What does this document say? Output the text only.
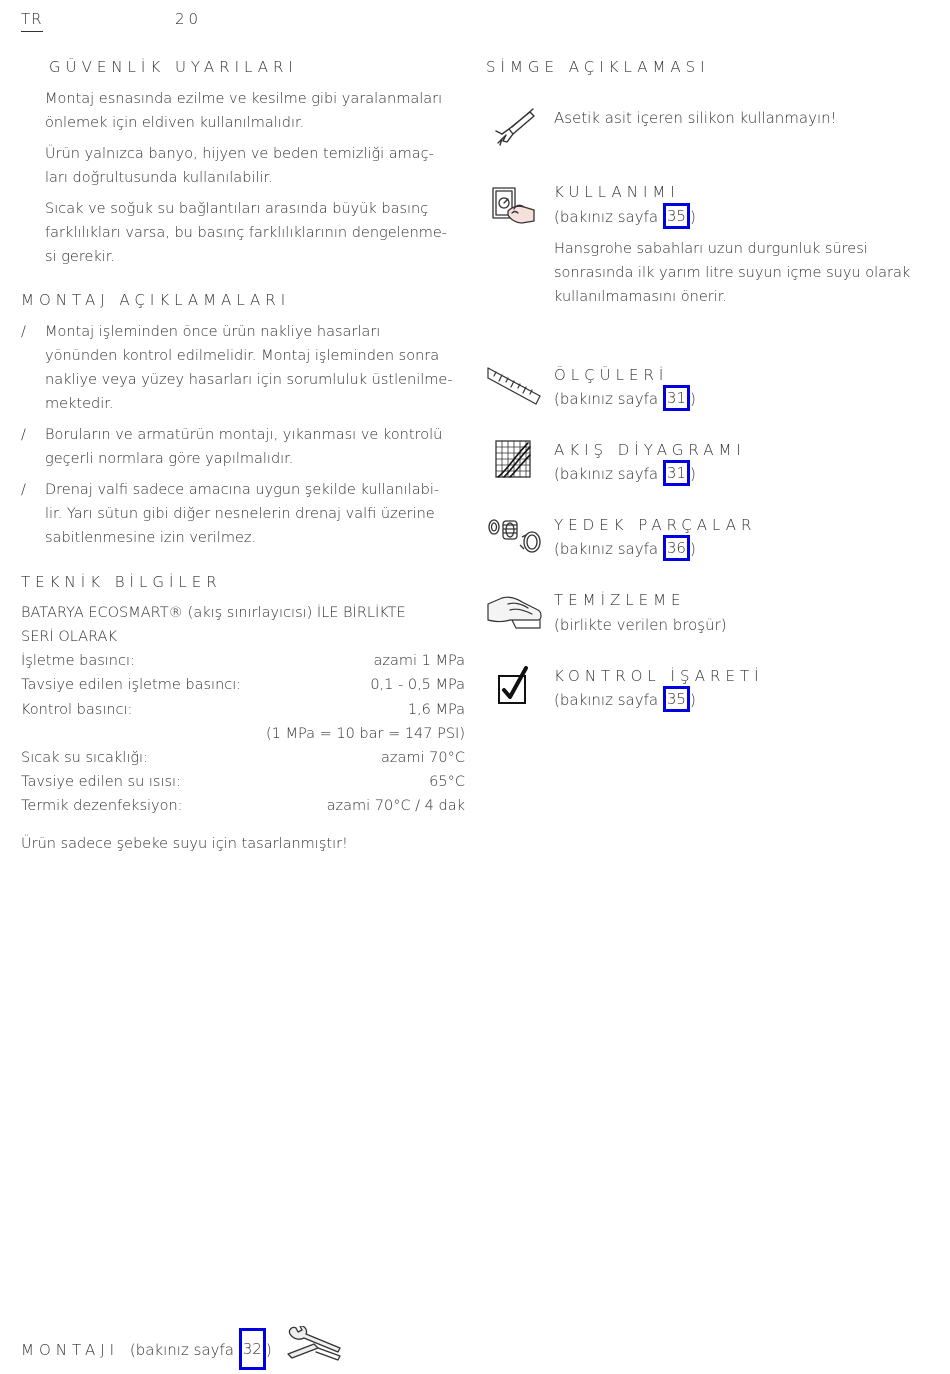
TR	20
GÜVENLİK UYARILARI
Montaj esnasında ezilme ve kesilme gibi yaralanmaları
önlemek için eldiven kullanılmalıdır.
Ürün yalnızca banyo, hijyen ve beden temizliği amaç-
ları doğrultusunda kullanılabilir.
Sıcak ve soğuk su bağlantıları arasında büyük basınç
farklılıkları varsa, bu basınç farklılıklarının dengelenme-
si gerekir.
MONTAJ AÇIKLAMALARI
/ Montaj işleminden önce ürün nakliye hasarları
yönünden kontrol edilmelidir. Montaj işleminden sonra
nakliye veya yüzey hasarları için sorumluluk üstlenilme-
mektedir.
/ Boruların ve armatürün montajı, yıkanması ve kontrolü
geçerli normlara göre yapılmalıdır.
/ Drenaj valfi sadece amacına uygun şekilde kullanılabi-
lir. Yarı sütun gibi diğer nesnelerin drenaj valfi üzerine
sabitlenmesine izin verilmez.
TEKNİK BİLGİLER
BATARYA ECOSMART® (akış sınırlayıcısı) İLE BİRLİKTE
SERİ OLARAK
İşletme basıncı:	azami 1 MPa
Tavsiye edilen işletme basıncı:	0,1 - 0,5 MPa
Kontrol basıncı:	1,6 MPa
(1 MPa = 10 bar = 147 PSI)
Sıcak su sıcaklığı:	azami 70°C
Tavsiye edilen su ısısı:	65°C
Termik dezenfeksiyon:	azami 70°C / 4 dak
Ürün sadece şebeke suyu için tasarlanmıştır!
SİMGE AÇIKLAMASI
Asetik asit içeren silikon kullanmayın!
KULLANIMI
(bakınız sayfa 35 )
Hansgrohe sabahları uzun durgunluk süresi
sonrasında ilk yarım litre suyun içme suyu olarak
kullanılmamasını önerir.
ÖLÇÜLERİ
(bakınız sayfa 31 )
AKIŞ DİYAGRAMI
(bakınız sayfa 31 )
YEDEK PARÇALAR
(bakınız sayfa 36 )
TEMİZLEME
(birlikte verilen broşür)
KONTROL İŞARETİ
(bakınız sayfa 35 )
MONTAJI (bakınız sayfa 32 )
